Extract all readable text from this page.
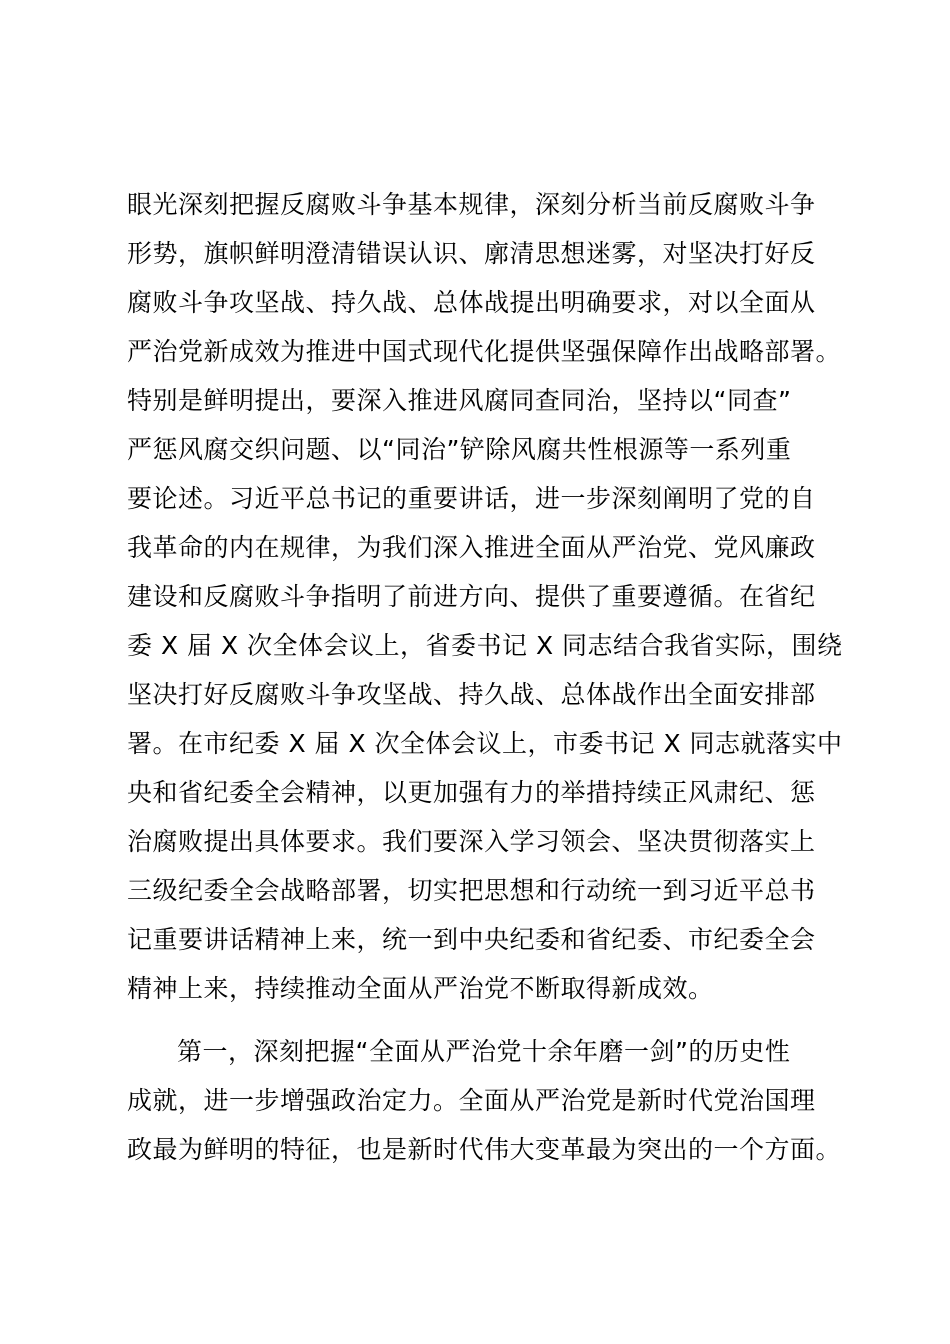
眼光深刻把握反腐败斗争基本规律，深刻分析当前反腐败斗争
形势，旗帜鲜明澄清错误认识、廓清思想迷雾，对坚决打好反
腐败斗争攻坚战、持久战、总体战提出明确要求，对以全面从
严治党新成效为推进中国式现代化提供坚强保障作出战略部署。
特别是鲜明提出，要深入推进风腐同查同治，坚持以“同查”
严惩风腐交织问题、以“同治”铲除风腐共性根源等一系列重
要论述。习近平总书记的重要讲话，进一步深刻阐明了党的自
我革命的内在规律，为我们深入推进全面从严治党、党风廉政
建设和反腐败斗争指明了前进方向、提供了重要遵循。在省纪
委 X 届 X 次全体会议上，省委书记 X 同志结合我省实际，围绕
坚决打好反腐败斗争攻坚战、持久战、总体战作出全面安排部
署。在市纪委 X 届 X 次全体会议上，市委书记 X 同志就落实中
央和省纪委全会精神，以更加强有力的举措持续正风肃纪、惩
治腐败提出具体要求。我们要深入学习领会、坚决贯彻落实上
三级纪委全会战略部署，切实把思想和行动统一到习近平总书
记重要讲话精神上来，统一到中央纪委和省纪委、市纪委全会
精神上来，持续推动全面从严治党不断取得新成效。
第一，深刻把握“全面从严治党十余年磨一剑”的历史性
成就，进一步增强政治定力。全面从严治党是新时代党治国理
政最为鲜明的特征，也是新时代伟大变革最为突出的一个方面。
